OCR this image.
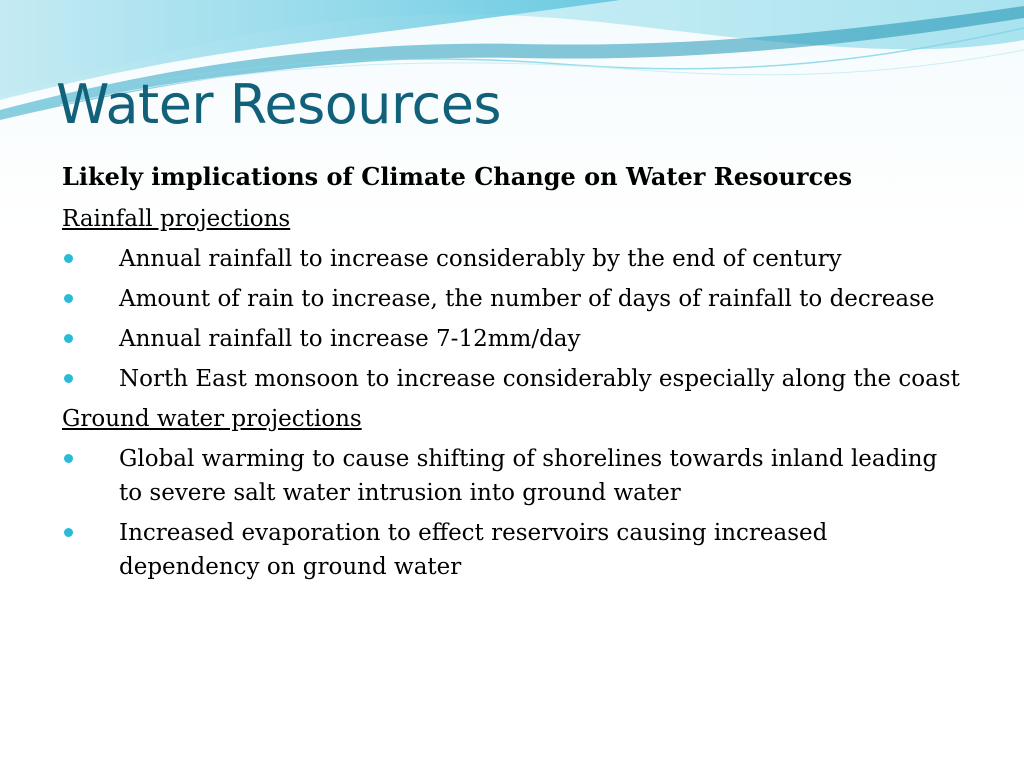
Water Resources

Likely implications of Climate Change on Water Resources

Rainfall projections

Annual rainfall to increase considerably by the end of century
Amount of rain to increase, the number of days of rainfall to decrease
Annual rainfall to increase 7-12mm/day
North East monsoon to increase considerably especially along the coast

Ground water projections

Global warming to cause shifting of shorelines towards inland leading to severe salt water intrusion into ground water
Increased evaporation to effect reservoirs causing increased dependency on ground water
